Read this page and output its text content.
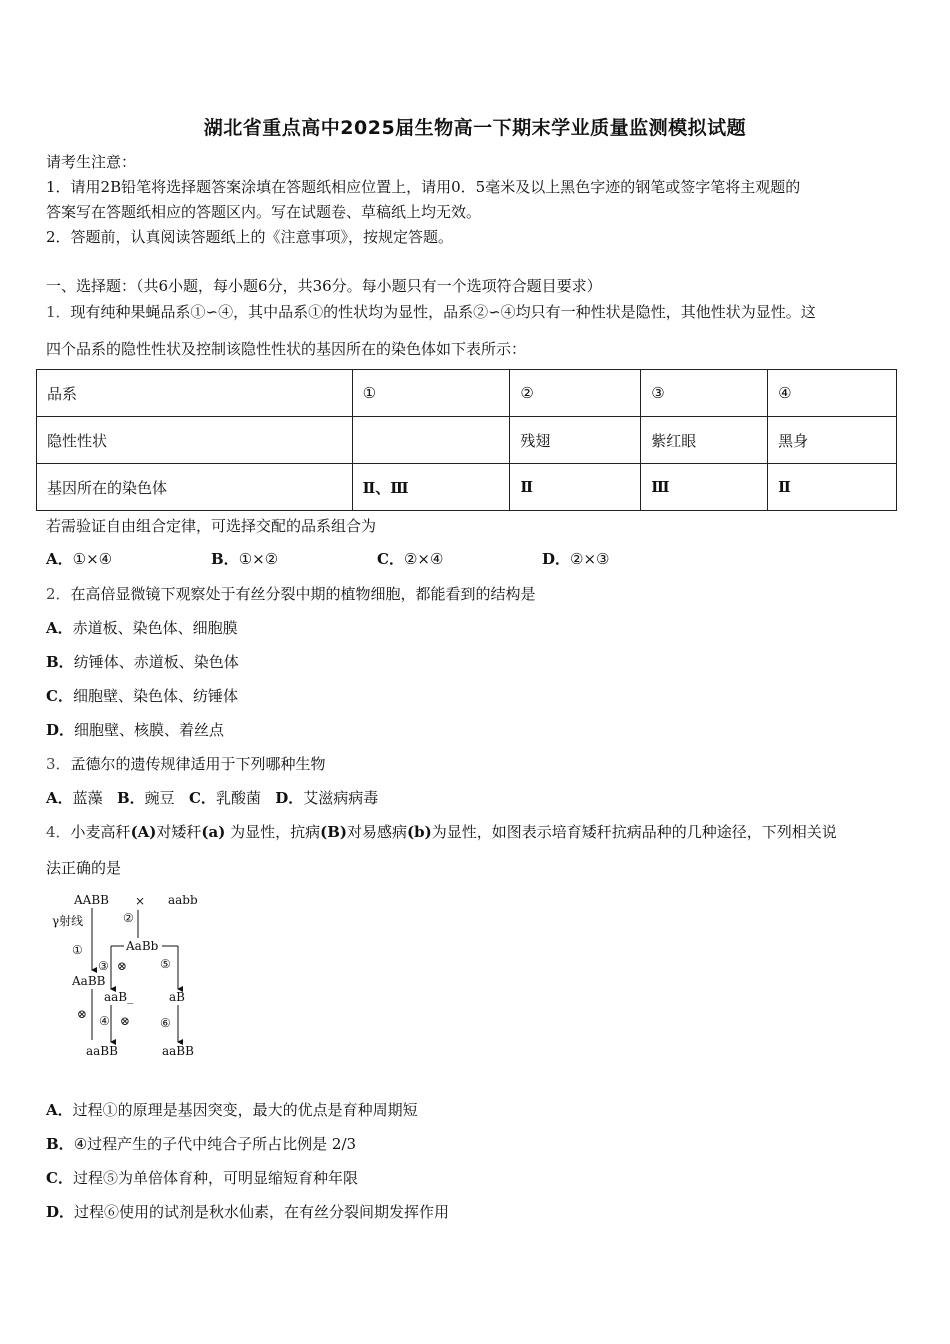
湖北省重点高中2025届生物高一下期末学业质量监测模拟试题
请考生注意：
1．请用2B铅笔将选择题答案涂填在答题纸相应位置上，请用0．5毫米及以上黑色字迹的钢笔或签字笔将主观题的
答案写在答题纸相应的答题区内。写在试题卷、草稿纸上均无效。
2．答题前，认真阅读答题纸上的《注意事项》，按规定答题。
一、选择题：（共6小题，每小题6分，共36分。每小题只有一个选项符合题目要求）
1．现有纯种果蝇品系①∽④，其中品系①的性状均为显性，品系②∽④均只有一种性状是隐性，其他性状为显性。这
四个品系的隐性性状及控制该隐性性状的基因所在的染色体如下表所示：
品系	①	②	③	④
隐性性状		残翅	紫红眼	黑身
基因所在的染色体	Ⅱ、Ⅲ	Ⅱ	Ⅲ	Ⅱ
若需验证自由组合定律，可选择交配的品系组合为
A．①×④	B．①×②	C．②×④	D．②×③
2．在高倍显微镜下观察处于有丝分裂中期的植物细胞，都能看到的结构是
A．赤道板、染色体、细胞膜
B．纺锤体、赤道板、染色体
C．细胞壁、染色体、纺锤体
D．细胞壁、核膜、着丝点
3．孟德尔的遗传规律适用于下列哪种生物
A．蓝藻 B．豌豆 C．乳酸菌 D．艾滋病病毒
4．小麦高秆(A)对矮秆(a) 为显性，抗病(B)对易感病(b)为显性，如图表示培育矮秆抗病品种的几种途径，下列相关说
法正确的是
AABB × aabb
γ射线	②
①	AaBb
③ ⊗	⑤
AaBB
aaB_	aB
⊗ ④ ⊗ ⑥
aaBB	aaBB
A．过程①的原理是基因突变，最大的优点是育种周期短
B．④过程产生的子代中纯合子所占比例是 2/3
C．过程⑤为单倍体育种，可明显缩短育种年限
D．过程⑥使用的试剂是秋水仙素，在有丝分裂间期发挥作用
